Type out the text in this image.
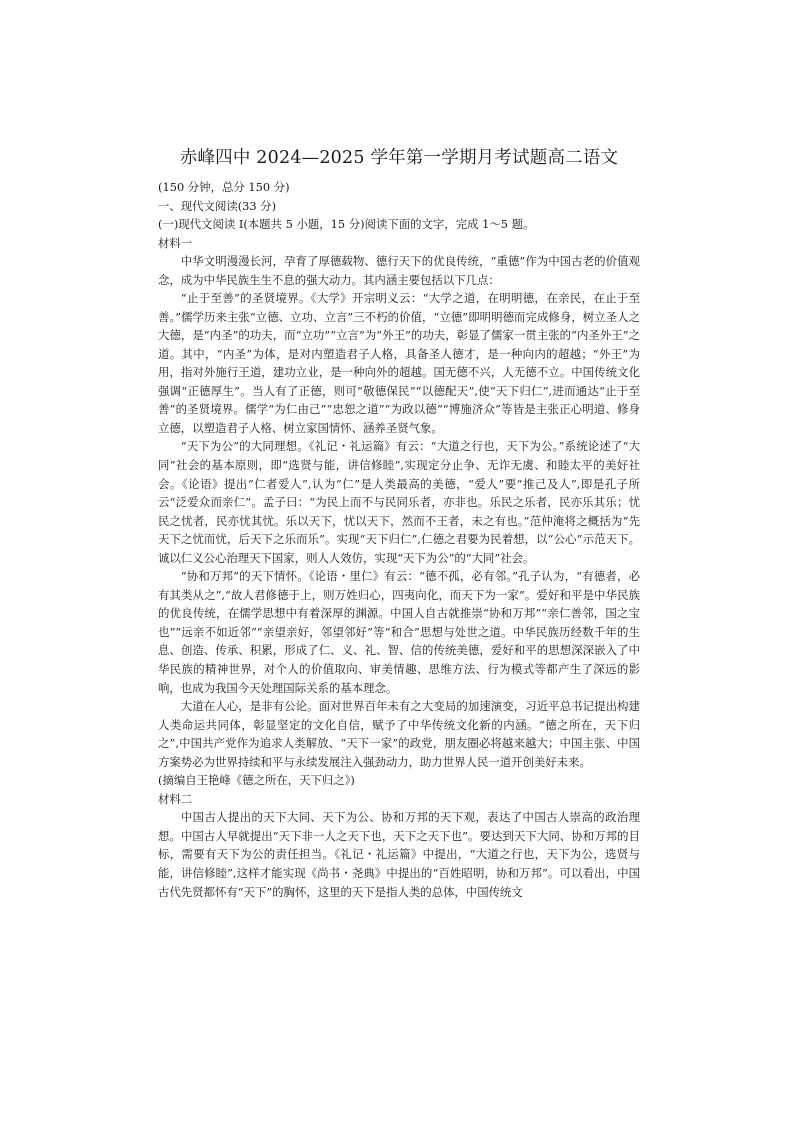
赤峰四中 2024—2025 学年第一学期月考试题高二语文
(150 分钟，总分 150 分)
一、现代文阅读(33 分)
(一)现代文阅读 I(本题共 5 小题，15 分)阅读下面的文字，完成 1～5 题。
材料一

中华文明漫漫长河，孕育了厚德载物、德行天下的优良传统，“重德”作为中国古老的价值观念，成为中华民族生生不息的强大动力。其内涵主要包括以下几点：

“止于至善”的圣贤境界。《大学》开宗明义云：“大学之道，在明明德，在亲民，在止于至善。”儒学历来主张“立德、立功、立言”三不朽的价值，“立德”即明明德而完成修身，树立圣人之大德，是“内圣”的功夫，而“立功”“立言”为“外王”的功夫，彰显了儒家一贯主张的“内圣外王”之道。其中，“内圣”为体，是对内塑造君子人格，具备圣人德才，是一种向内的超越；“外王”为用，指对外施行王道，建功立业，是一种向外的超越。国无德不兴，人无德不立。中国传统文化强调“正德厚生”。当人有了正德，则可“敬德保民”“以德配天”,使“天下归仁”,进而通达“止于至善”的圣贤境界。儒学“为仁由己”“忠恕之道”“为政以德”“博施济众”等皆是主张正心明道、修身立德，以塑造君子人格、树立家国情怀、涵养圣贤气象。

“天下为公”的大同理想。《礼记・礼运篇》有云：“大道之行也，天下为公。”系统论述了“大同”社会的基本原则，即“选贤与能，讲信修睦”,实现定分止争、无诈无虞、和睦太平的美好社会。《论语》提出“仁者爱人”,认为“仁”是人类最高的美德，“爱人”要“推己及人”,即是孔子所云“泛爱众而亲仁”。孟子曰：“为民上而不与民同乐者，亦非也。乐民之乐者，民亦乐其乐；忧民之忧者，民亦忧其忧。乐以天下，忧以天下，然而不王者，未之有也。”范仲淹将之概括为“先天下之忧而忧，后天下之乐而乐”。实现“天下归仁”,仁德之君要为民着想，以“公心”示范天下。诚以仁义公心治理天下国家，则人人效仿，实现“天下为公”的“大同”社会。

“协和万邦”的天下情怀。《论语・里仁》有云：“德不孤，必有邻。”孔子认为，“有德者，必有其类从之”,“故人君修德于上，则万姓归心，四夷向化，而天下为一家”。爱好和平是中华民族的优良传统，在儒学思想中有着深厚的渊源。中国人自古就推崇“协和万邦”“亲仁善邻，国之宝也”“远亲不如近邻”“亲望亲好，邻望邻好”等“和合”思想与处世之道。中华民族历经数千年的生息、创造、传承、积累，形成了仁、义、礼、智、信的传统美德，爱好和平的思想深深嵌入了中华民族的精神世界，对个人的价值取向、审美情趣、思维方法、行为模式等都产生了深远的影响，也成为我国今天处理国际关系的基本理念。

大道在人心，是非有公论。面对世界百年未有之大变局的加速演变，习近平总书记提出构建人类命运共同体，彰显坚定的文化自信，赋予了中华传统文化新的内涵。“德之所在，天下归之”,中国共产党作为追求人类解放、“天下一家”的政党，朋友圈必将越来越大；中国主张、中国方案势必为世界持续和平与永续发展注入强劲动力，助力世界人民一道开创美好未来。

(摘编自王艳峰《德之所在，天下归之》)
材料二

中国古人提出的天下大同、天下为公、协和万邦的天下观，表达了中国古人崇高的政治理想。中国古人早就提出“天下非一人之天下也，天下之天下也”。要达到天下大同、协和万邦的目标，需要有天下为公的责任担当。《礼记・礼运篇》中提出，“大道之行也，天下为公，选贤与能，讲信修睦”,这样才能实现《尚书・尧典》中提出的“百姓昭明，协和万邦”。可以看出，中国古代先贤都怀有“天下”的胸怀，这里的天下是指人类的总体，中国传统文
